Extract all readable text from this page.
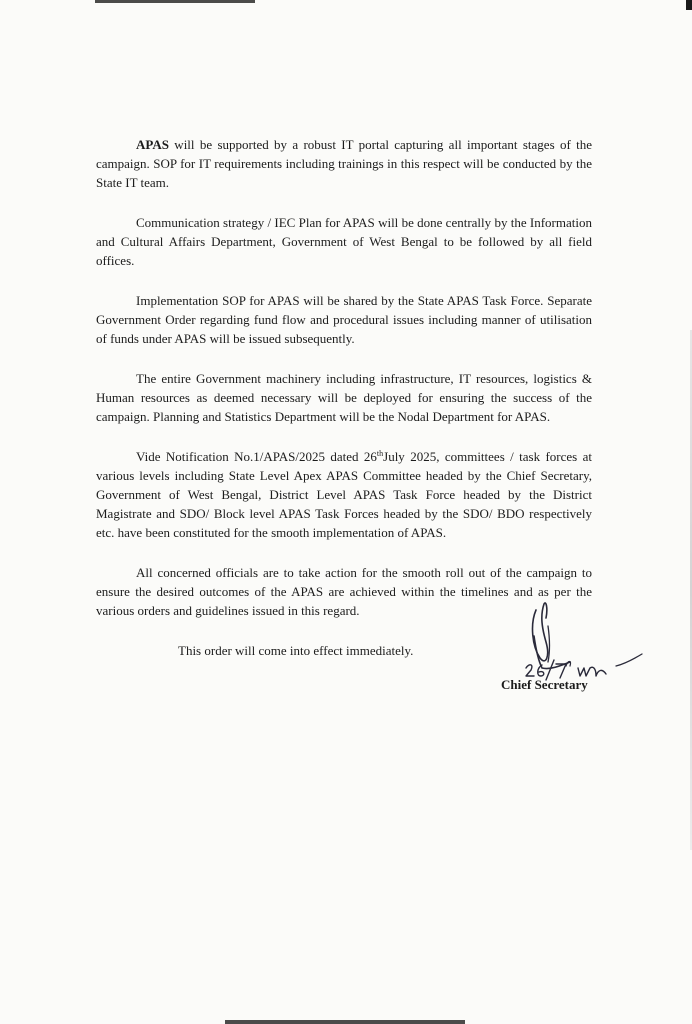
APAS will be supported by a robust IT portal capturing all important stages of the campaign. SOP for IT requirements including trainings in this respect will be conducted by the State IT team.

Communication strategy / IEC Plan for APAS will be done centrally by the Information and Cultural Affairs Department, Government of West Bengal to be followed by all field offices.

Implementation SOP for APAS will be shared by the State APAS Task Force. Separate Government Order regarding fund flow and procedural issues including manner of utilisation of funds under APAS will be issued subsequently.

The entire Government machinery including infrastructure, IT resources, logistics & Human resources as deemed necessary will be deployed for ensuring the success of the campaign. Planning and Statistics Department will be the Nodal Department for APAS.

Vide Notification No.1/APAS/2025 dated 26thJuly 2025, committees / task forces at various levels including State Level Apex APAS Committee headed by the Chief Secretary, Government of West Bengal, District Level APAS Task Force headed by the District Magistrate and SDO/ Block level APAS Task Forces headed by the SDO/ BDO respectively etc. have been constituted for the smooth implementation of APAS.

All concerned officials are to take action for the smooth roll out of the campaign to ensure the desired outcomes of the APAS are achieved within the timelines and as per the various orders and guidelines issued in this regard.

This order will come into effect immediately.

Chief Secretary
